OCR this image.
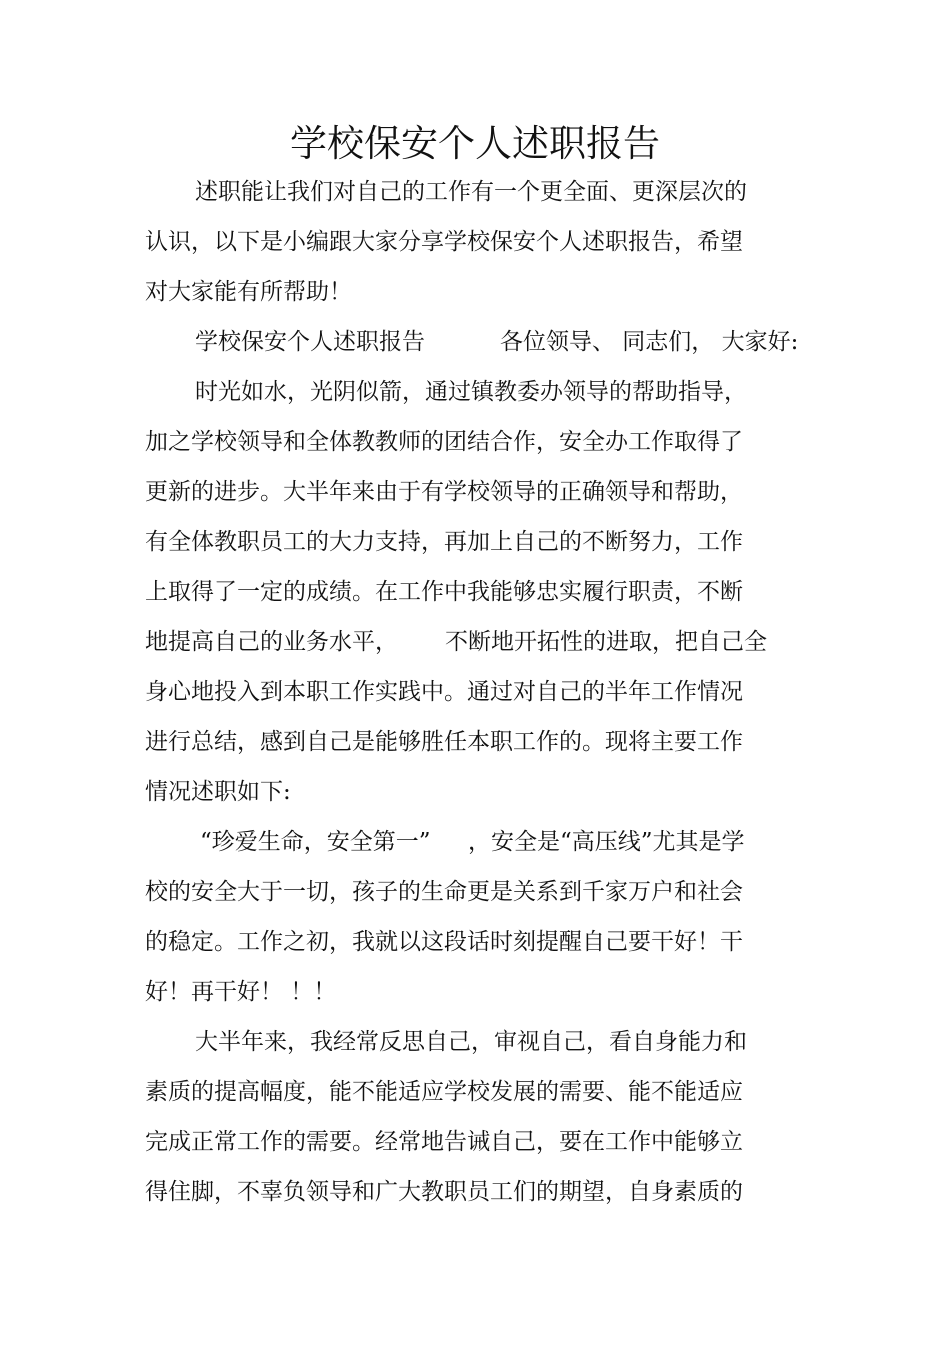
学校保安个人述职报告
述职能让我们对自己的工作有一个更全面、更深层次的
认识，以下是小编跟大家分享学校保安个人述职报告，希望
对大家能有所帮助！
学校保安个人述职报告	各位领导、 同志们， 大家好:
时光如水，光阴似箭，通过镇教委办领导的帮助指导，
加之学校领导和全体教教师的团结合作，安全办工作取得了
更新的进步。大半年来由于有学校领导的正确领导和帮助，
有全体教职员工的大力支持，再加上自己的不断努力，工作
上取得了一定的成绩。在工作中我能够忠实履行职责，不断
地提高自己的业务水平， 不断地开拓性的进取，把自己全
身心地投入到本职工作实践中。通过对自己的半年工作情况
进行总结，感到自己是能够胜任本职工作的。现将主要工作
情况述职如下:
“珍爱生命，安全第一” ，安全是“高压线”尤其是学
校的安全大于一切，孩子的生命更是关系到千家万户和社会
的稳定。工作之初，我就以这段话时刻提醒自己要干好！干
好！再干好！ ！！
大半年来，我经常反思自己，审视自己，看自身能力和
素质的提高幅度，能不能适应学校发展的需要、能不能适应
完成正常工作的需要。经常地告诫自己，要在工作中能够立
得住脚，不辜负领导和广大教职员工们的期望，自身素质的
